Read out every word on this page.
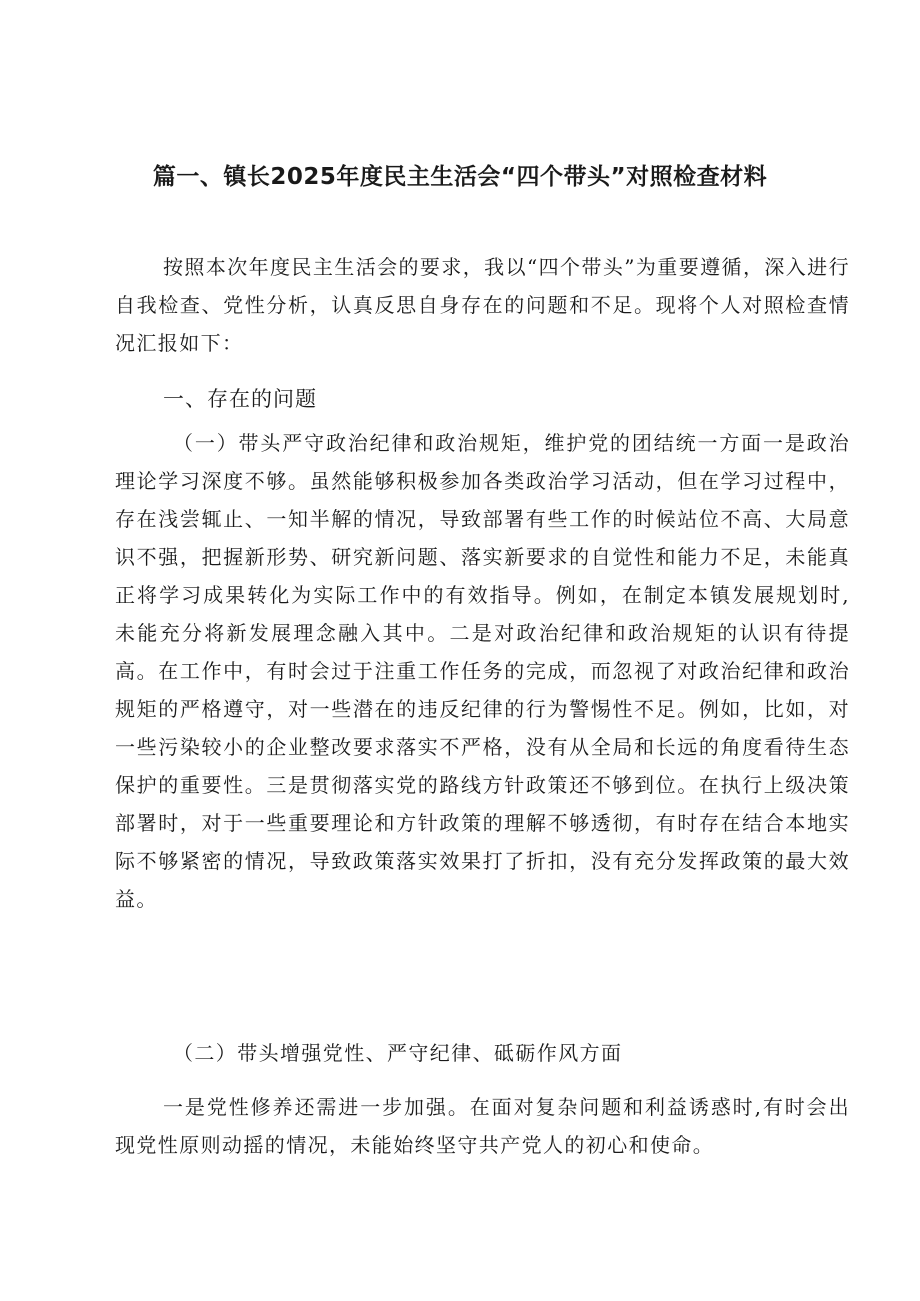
篇一、镇长2025年度民主生活会“四个带头”对照检查材料

按照本次年度民主生活会的要求，我以“四个带头”为重要遵循，深入进行自我检查、党性分析，认真反思自身存在的问题和不足。现将个人对照检查情况汇报如下：

一、存在的问题

（一）带头严守政治纪律和政治规矩，维护党的团结统一方面一是政治理论学习深度不够。虽然能够积极参加各类政治学习活动，但在学习过程中，存在浅尝辄止、一知半解的情况，导致部署有些工作的时候站位不高、大局意识不强，把握新形势、研究新问题、落实新要求的自觉性和能力不足，未能真正将学习成果转化为实际工作中的有效指导。例如，在制定本镇发展规划时,未能充分将新发展理念融入其中。二是对政治纪律和政治规矩的认识有待提高。在工作中，有时会过于注重工作任务的完成，而忽视了对政治纪律和政治规矩的严格遵守，对一些潜在的违反纪律的行为警惕性不足。例如，比如，对一些污染较小的企业整改要求落实不严格，没有从全局和长远的角度看待生态保护的重要性。三是贯彻落实党的路线方针政策还不够到位。在执行上级决策部署时，对于一些重要理论和方针政策的理解不够透彻，有时存在结合本地实际不够紧密的情况，导致政策落实效果打了折扣，没有充分发挥政策的最大效益。

（二）带头增强党性、严守纪律、砥砺作风方面

一是党性修养还需进一步加强。在面对复杂问题和利益诱惑时,有时会出现党性原则动摇的情况，未能始终坚守共产党人的初心和使命。
